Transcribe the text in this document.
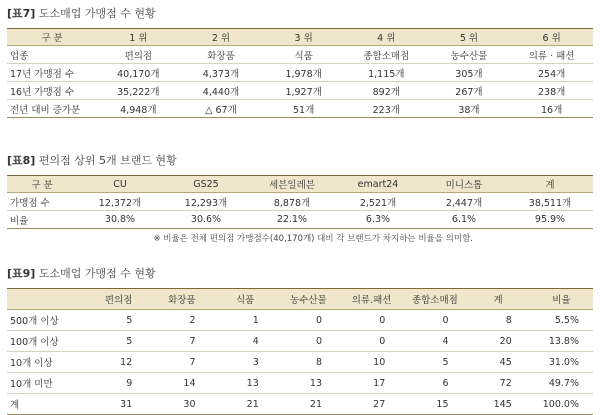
[표7] 도소매업 가맹점 수 현황
구 분	1 위	2 위	3 위	4 위	5 위	6 위
업종	편의점	화장품	식품	종합소매점	농수산물	의류 · 패션
17년 가맹점 수	40,170개	4,373개	1,978개	1,115개	305개	254개
16년 가맹점 수	35,222개	4,440개	1,927개	892개	267개	238개
전년 대비 증가분	4,948개	△ 67개	51개	223개	38개	16개
[표8] 편의점 상위 5개 브랜드 현황
구 분	CU	GS25	세븐일레븐	emart24	미니스톱	계
가맹점 수	12,372개	12,293개	8,878개	2,521개	2,447개	38,511개
비율	30.8%	30.6%	22.1%	6.3%	6.1%	95.9%
※ 비율은 전체 편의점 가맹점수(40,170개) 대비 각 브랜드가 차지하는 비율을 의미함.
[표9] 도소매업 가맹점 수 현황
	편의점	화장품	식품	농수산물	의류.패션	종합소매점	계	비율
500개 이상	5	2	1	0	0	0	8	5.5%
100개 이상	5	7	4	0	0	4	20	13.8%
10개 이상	12	7	3	8	10	5	45	31.0%
10개 미만	9	14	13	13	17	6	72	49.7%
계	31	30	21	21	27	15	145	100.0%
